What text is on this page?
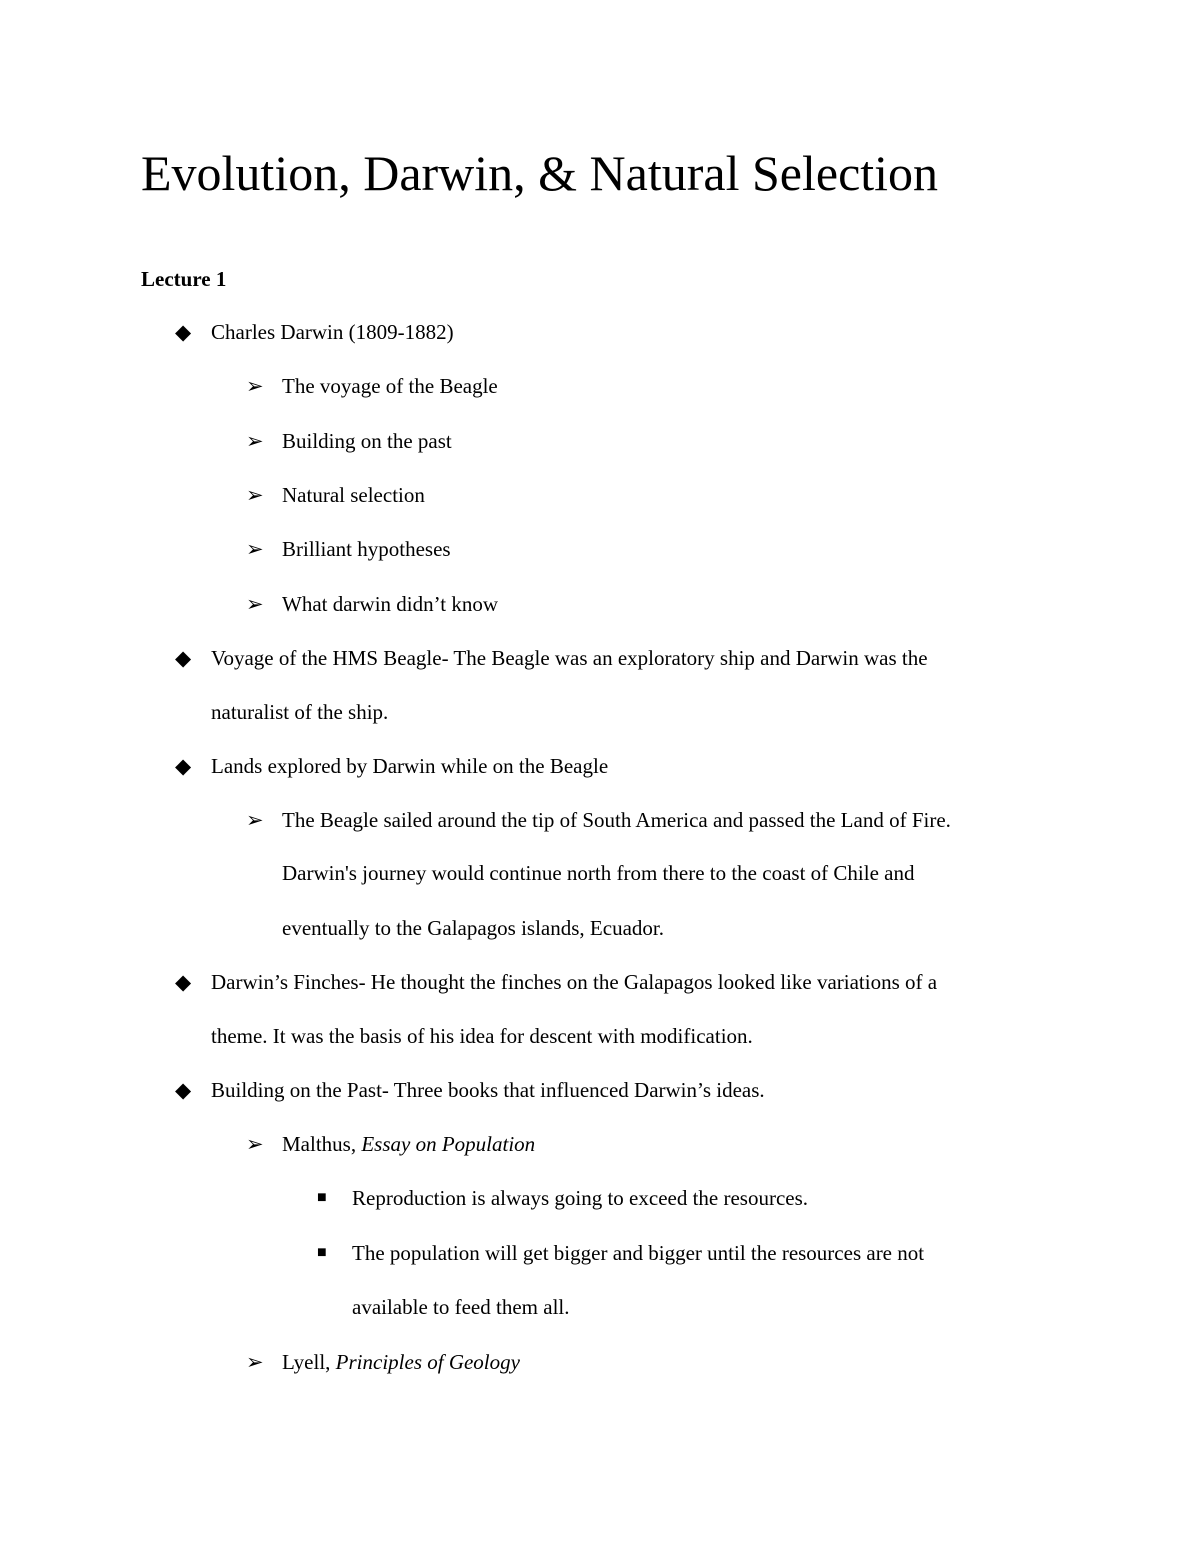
Evolution, Darwin, & Natural Selection
Lecture 1
◆ Charles Darwin (1809-1882)
➢ The voyage of the Beagle
➢ Building on the past
➢ Natural selection
➢ Brilliant hypotheses
➢ What darwin didn’t know
◆ Voyage of the HMS Beagle- The Beagle was an exploratory ship and Darwin was the
naturalist of the ship.
◆ Lands explored by Darwin while on the Beagle
➢ The Beagle sailed around the tip of South America and passed the Land of Fire.
Darwin's journey would continue north from there to the coast of Chile and
eventually to the Galapagos islands, Ecuador.
◆ Darwin’s Finches- He thought the finches on the Galapagos looked like variations of a
theme. It was the basis of his idea for descent with modification.
◆ Building on the Past- Three books that influenced Darwin’s ideas.
➢ Malthus, Essay on Population
■ Reproduction is always going to exceed the resources.
■ The population will get bigger and bigger until the resources are not
available to feed them all.
➢ Lyell, Principles of Geology
